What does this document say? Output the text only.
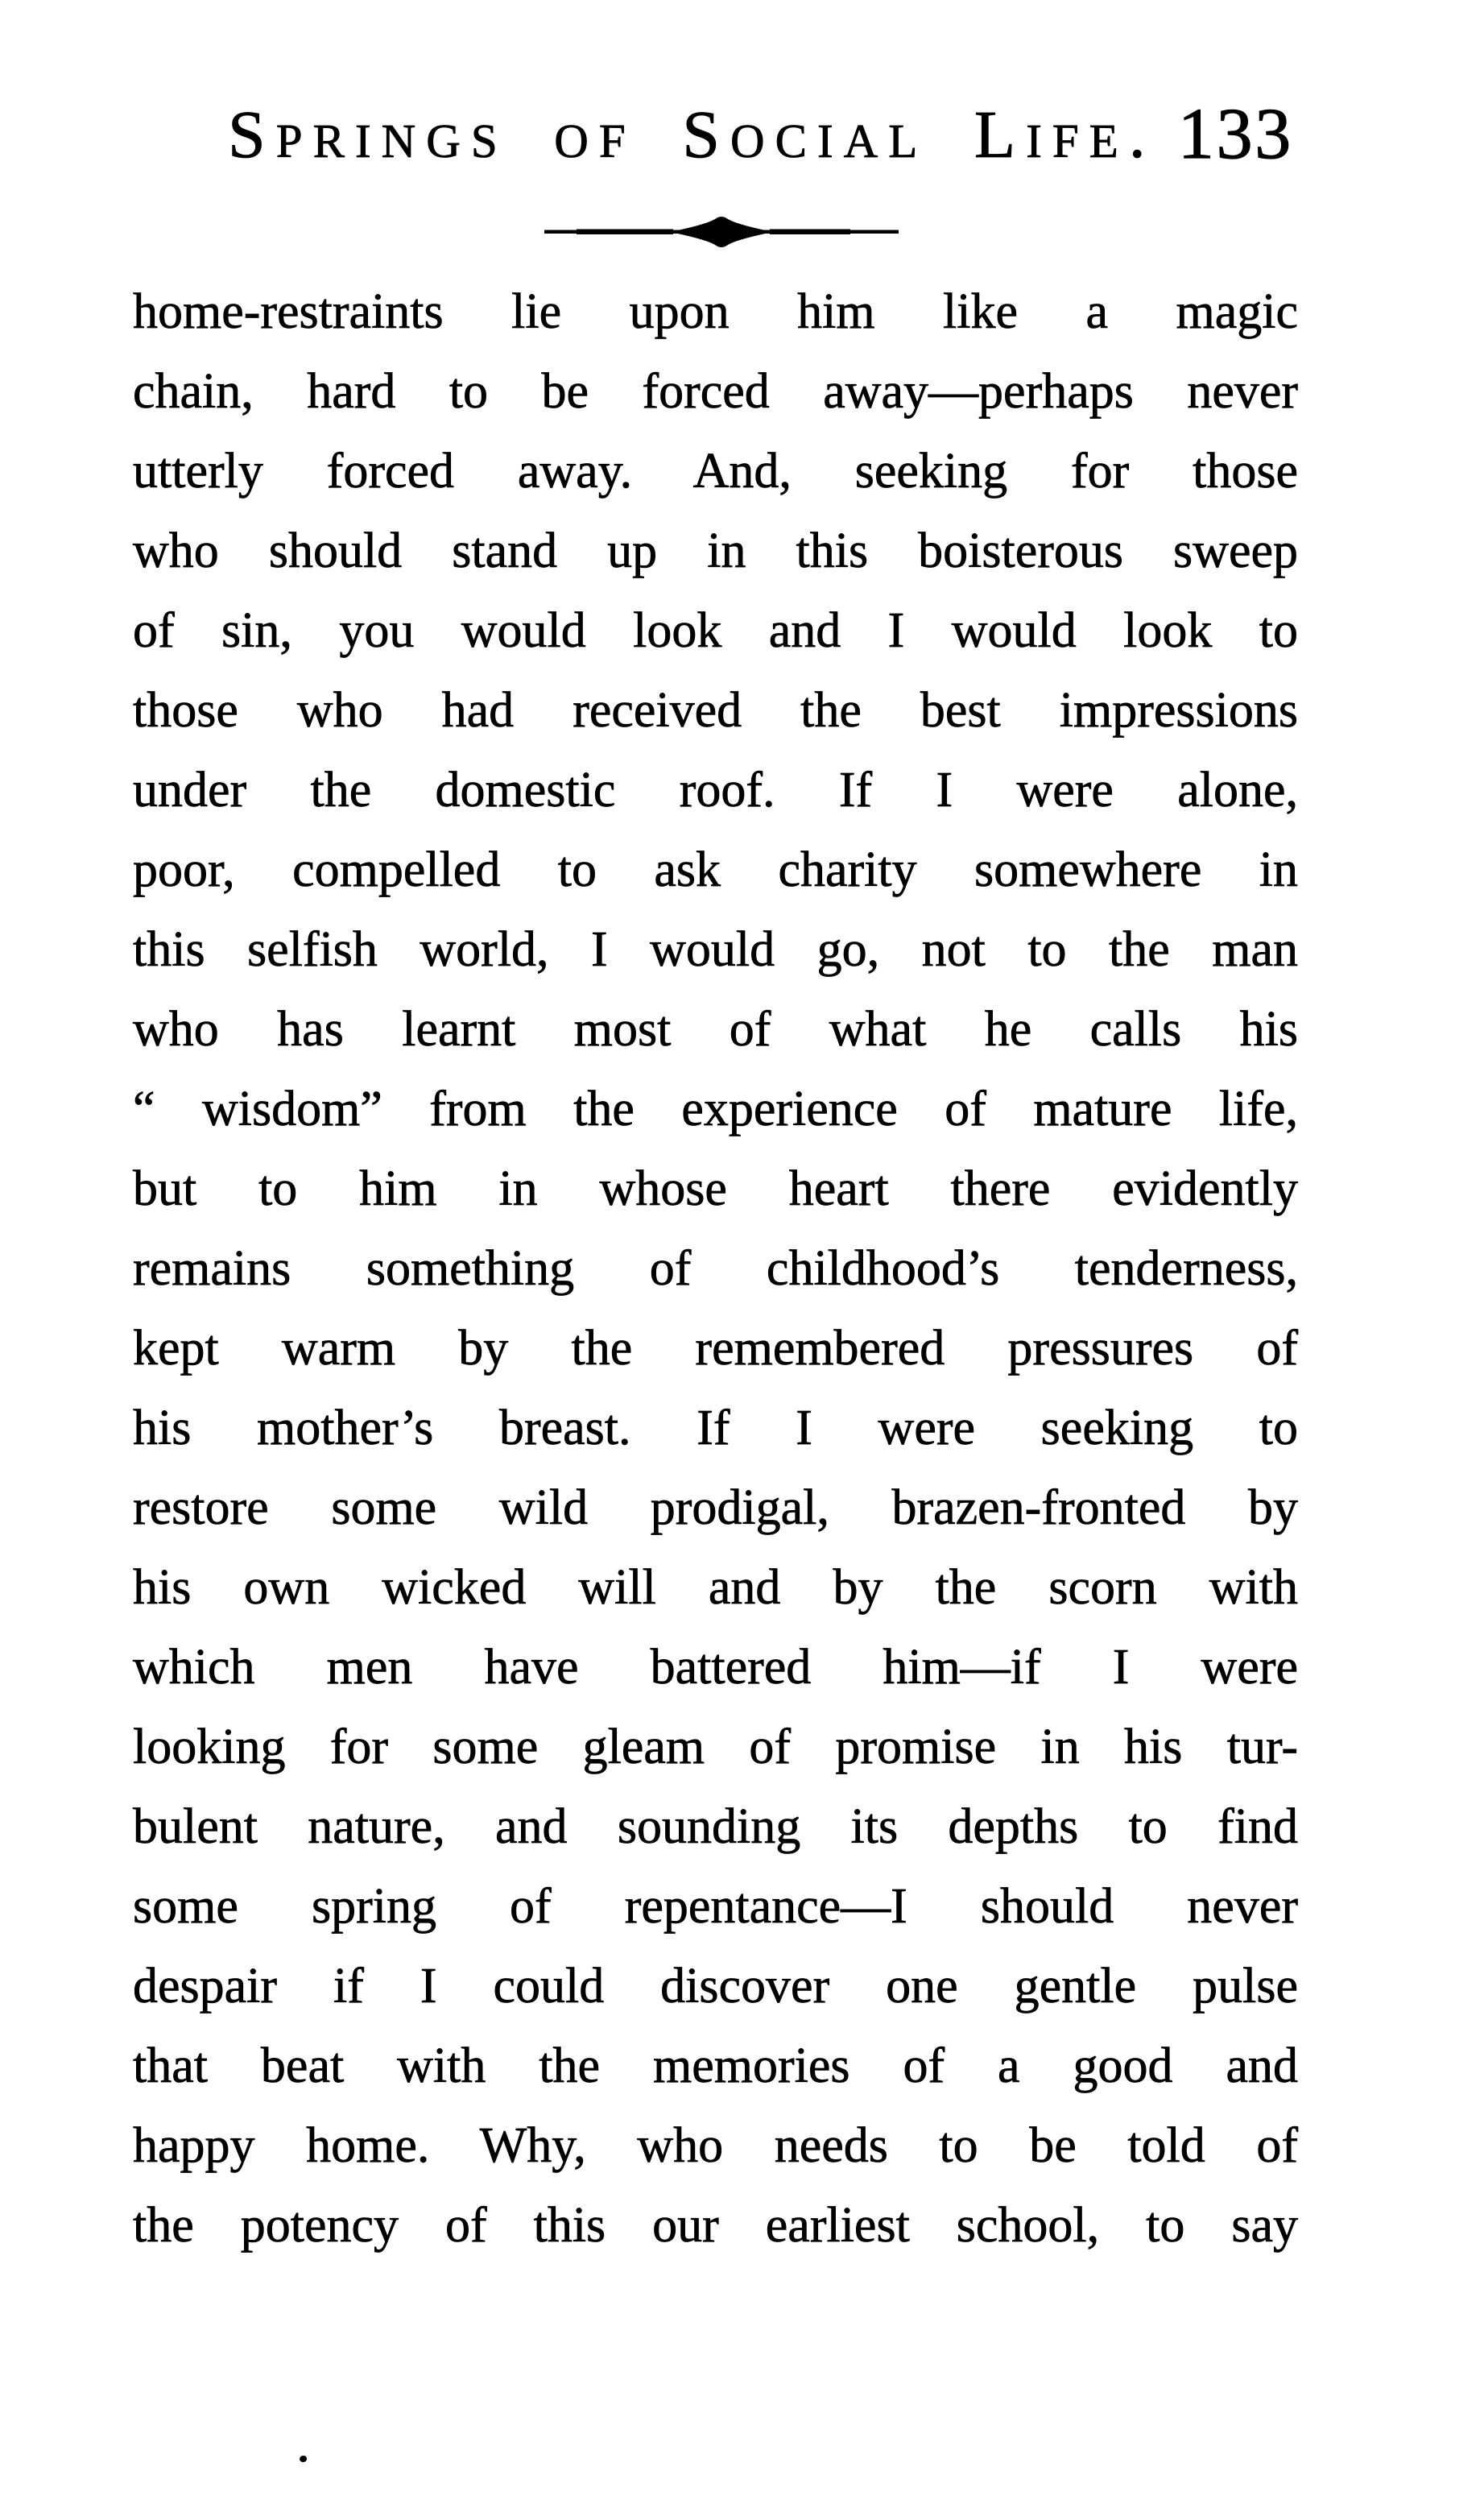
Springs of Social Life. 133
home-restraints lie upon him like a magic
chain, hard to be forced away—perhaps never
utterly forced away. And, seeking for those
who should stand up in this boisterous sweep
of sin, you would look and I would look to
those who had received the best impressions
under the domestic roof. If I were alone,
poor, compelled to ask charity somewhere in
this selfish world, I would go, not to the man
who has learnt most of what he calls his
“ wisdom” from the experience of mature life,
but to him in whose heart there evidently
remains something of childhood’s tenderness,
kept warm by the remembered pressures of
his mother’s breast. If I were seeking to
restore some wild prodigal, brazen-fronted by
his own wicked will and by the scorn with
which men have battered him—if I were
looking for some gleam of promise in his tur-
bulent nature, and sounding its depths to find
some spring of repentance—I should never
despair if I could discover one gentle pulse
that beat with the memories of a good and
happy home. Why, who needs to be told of
the potency of this our earliest school, to say
